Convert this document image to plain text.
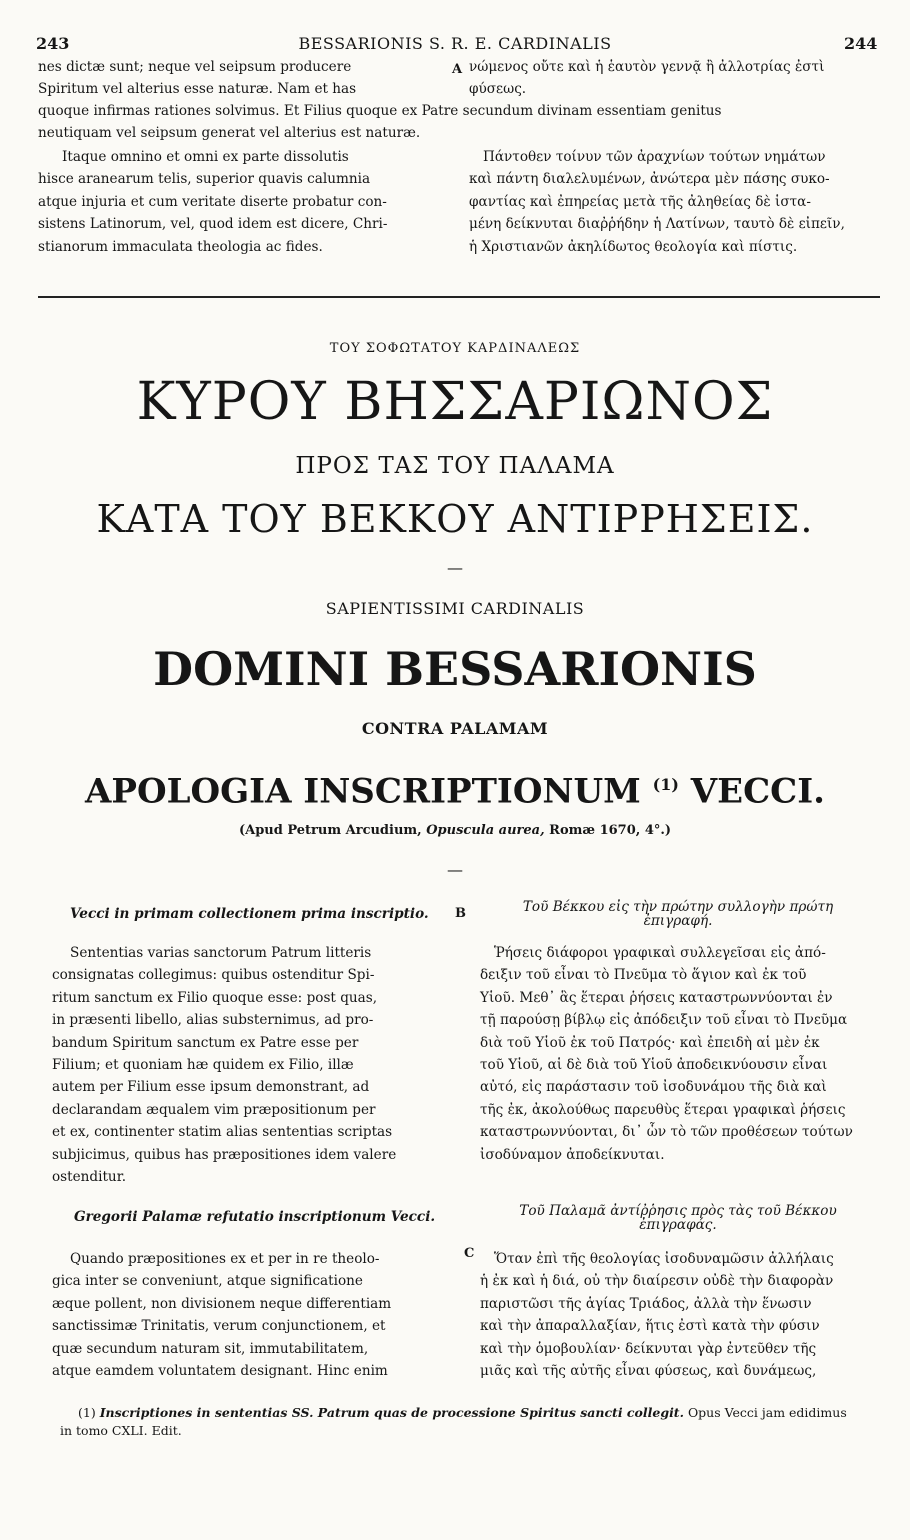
243	BESSARIONIS S. R. E. CARDINALIS	244
nes dictæ sunt; neque vel seipsum producere
Spiritum vel alterius esse naturæ. Nam et has
A νώμενος οὔτε καὶ ἡ ἑαυτὸν γεννᾷ ἢ ἀλλοτρίας ἐστὶ
φύσεως.
quoque infirmas rationes solvimus. Et Filius quoque ex Patre secundum divinam essentiam genitus
neutiquam vel seipsum generat vel alterius est naturæ.
Itaque omnino et omni ex parte dissolutis
hisce aranearum telis, superior quavis calumnia
atque injuria et cum veritate diserte probatur con-
sistens Latinorum, vel, quod idem est dicere, Chri-
stianorum immaculata theologia ac fides.
Πάντοθεν τοίνυν τῶν ἀραχνίων τούτων νημάτων
καὶ πάντη διαλελυμένων, ἀνώτερα μὲν πάσης συκο-
φαντίας καὶ ἐπηρείας μετὰ τῆς ἀληθείας δὲ ἱστα-
μένη δείκνυται διαῤῥήδην ἡ Λατίνων, ταυτὸ δὲ εἰπεῖν,
ἡ Χριστιανῶν ἀκηλίδωτος θεολογία καὶ πίστις.
ΤΟΥ ΣΟΦΩΤΑΤΟΥ ΚΑΡΔΙΝΑΛΕΩΣ
ΚΥΡΟΥ ΒΗΣΣΑΡΙΩΝΟΣ
ΠΡΟΣ ΤΑΣ ΤΟΥ ΠΑΛΑΜΑ
ΚΑΤΑ ΤΟΥ ΒΕΚΚΟΥ ΑΝΤΙΡΡΗΣΕΙΣ.
—
SAPIENTISSIMI CARDINALIS
DOMINI BESSARIONIS
CONTRA PALAMAM
APOLOGIA INSCRIPTIONUM $^{(1)}$ VECCI.
(Apud Petrum Arcudium, Opuscula aurea, Romæ 1670, 4°.)
—
Vecci in primam collectionem prima inscriptio. B	Τοῦ Βέκκου εἰς τὴν πρώτην συλλογὴν πρώτη
ἐπιγραφή.
Sententias varias sanctorum Patrum litteris
consignatas collegimus: quibus ostenditur Spi-
ritum sanctum ex Filio quoque esse: post quas,
in præsenti libello, alias substernimus, ad pro-
bandum Spiritum sanctum ex Patre esse per
Filium; et quoniam hæ quidem ex Filio, illæ
autem per Filium esse ipsum demonstrant, ad
declarandam æqualem vim præpositionum per
et ex, continenter statim alias sententias scriptas
subjicimus, quibus has præpositiones idem valere
ostenditur.
Ῥήσεις διάφοροι γραφικαὶ συλλεγεῖσαι εἰς ἀπό-
δειξιν τοῦ εἶναι τὸ Πνεῦμα τὸ ἅγιον καὶ ἐκ τοῦ
Υἱοῦ. Μεθ᾽ ἃς ἕτεραι ῥήσεις καταστρωννύονται ἐν
τῇ παρούσῃ βίβλῳ εἰς ἀπόδειξιν τοῦ εἶναι τὸ Πνεῦμα
διὰ τοῦ Υἱοῦ ἐκ τοῦ Πατρός· καὶ ἐπειδὴ αἱ μὲν ἐκ
τοῦ Υἱοῦ, αἱ δὲ διὰ τοῦ Υἱοῦ ἀποδεικνύουσιν εἶναι
αὐτό, εἰς παράστασιν τοῦ ἰσοδυνάμου τῆς διὰ καὶ
τῆς ἐκ, ἀκολούθως παρευθὺς ἕτεραι γραφικαὶ ῥήσεις
καταστρωννύονται, δι᾽ ὧν τὸ τῶν προθέσεων τούτων
ἰσοδύναμον ἀποδείκνυται.
Gregorii Palamæ refutatio inscriptionum Vecci.	Τοῦ Παλαμᾶ ἀντίῤῥησις πρὸς τὰς τοῦ Βέκκου
ἐπιγραφάς.
C
Quando præpositiones ex et per in re theolo-
gica inter se conveniunt, atque significatione
æque pollent, non divisionem neque differentiam
sanctissimæ Trinitatis, verum conjunctionem, et
quæ secundum naturam sit, immutabilitatem,
atque eamdem voluntatem designant. Hinc enim
Ὅταν ἐπὶ τῆς θεολογίας ἰσοδυναμῶσιν ἀλλήλαις
ἡ ἐκ καὶ ἡ διά, οὐ τὴν διαίρεσιν οὐδὲ τὴν διαφορὰν
παριστῶσι τῆς ἁγίας Τριάδος, ἀλλὰ τὴν ἕνωσιν
καὶ τὴν ἀπαραλλαξίαν, ἥτις ἐστὶ κατὰ τὴν φύσιν
καὶ τὴν ὁμοβουλίαν· δείκνυται γὰρ ἐντεῦθεν τῆς
μιᾶς καὶ τῆς αὐτῆς εἶναι φύσεως, καὶ δυνάμεως,
(1) Inscriptiones in sententias SS. Patrum quas de processione Spiritus sancti collegit. Opus Vecci jam edidimus
in tomo CXLI. Edit.
